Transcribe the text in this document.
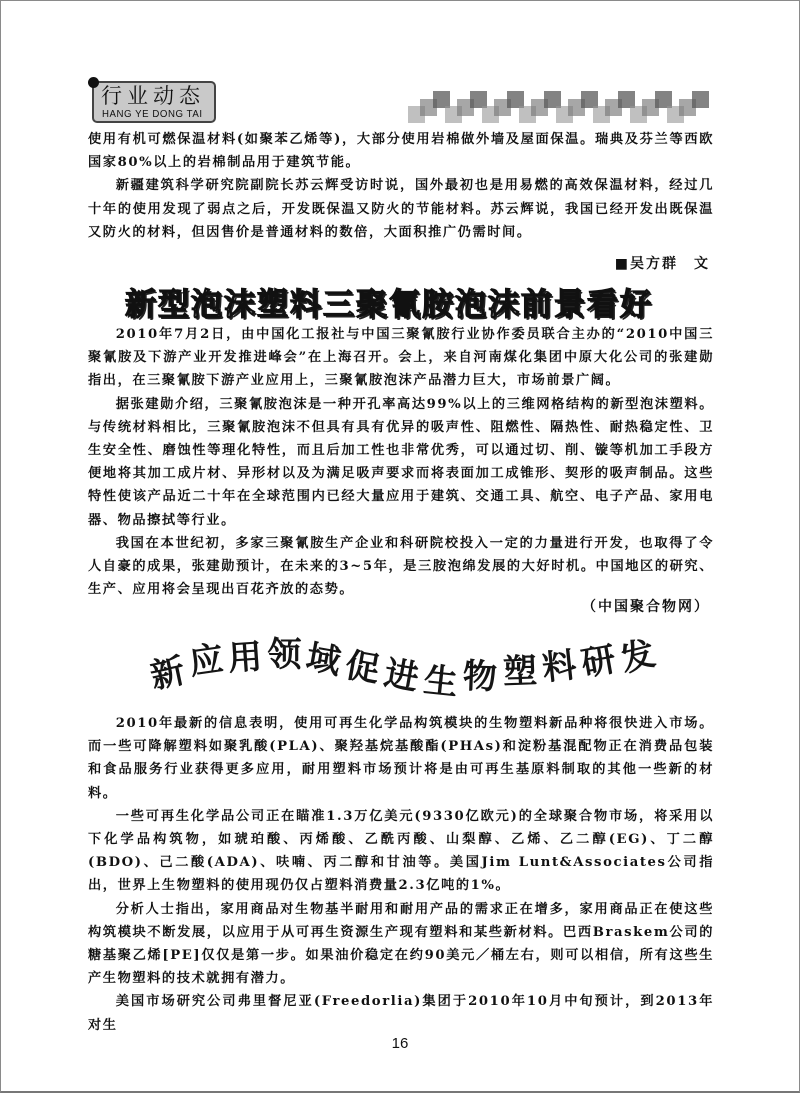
行业动态
HANG YE DONG TAI

使用有机可燃保温材料(如聚苯乙烯等)，大部分使用岩棉做外墙及屋面保温。瑞典及芬兰等西欧国家80%以上的岩棉制品用于建筑节能。

新疆建筑科学研究院副院长苏云辉受访时说，国外最初也是用易燃的高效保温材料，经过几十年的使用发现了弱点之后，开发既保温又防火的节能材料。苏云辉说，我国已经开发出既保温又防火的材料，但因售价是普通材料的数倍，大面积推广仍需时间。

■吴方群　文
新型泡沫塑料三聚氰胺泡沫前景看好

2010年7月2日，由中国化工报社与中国三聚氰胺行业协作委员联合主办的“2010中国三聚氰胺及下游产业开发推进峰会”在上海召开。会上，来自河南煤化集团中原大化公司的张建勋指出，在三聚氰胺下游产业应用上，三聚氰胺泡沫产品潜力巨大，市场前景广阔。

据张建勋介绍，三聚氰胺泡沫是一种开孔率高达99%以上的三维网格结构的新型泡沫塑料。与传统材料相比，三聚氰胺泡沫不但具有具有优异的吸声性、阻燃性、隔热性、耐热稳定性、卫生安全性、磨蚀性等理化特性，而且后加工性也非常优秀，可以通过切、削、镟等机加工手段方便地将其加工成片材、异形材以及为满足吸声要求而将表面加工成锥形、契形的吸声制品。这些特性使该产品近二十年在全球范围内已经大量应用于建筑、交通工具、航空、电子产品、家用电器、物品擦拭等行业。

我国在本世纪初，多家三聚氰胺生产企业和科研院校投入一定的力量进行开发，也取得了令人自豪的成果，张建勋预计，在未来的3~5年，是三胺泡绵发展的大好时机。中国地区的研究、生产、应用将会呈现出百花齐放的态势。

（中国聚合物网）
新
应 用 领 域
促
进 生 物 塑 料 研
发

2010年最新的信息表明，使用可再生化学品构筑模块的生物塑料新品种将很快进入市场。而一些可降解塑料如聚乳酸(PLA)、聚羟基烷基酸酯(PHAs)和淀粉基混配物正在消费品包装和食品服务行业获得更多应用，耐用塑料市场预计将是由可再生基原料制取的其他一些新的材料。

一些可再生化学品公司正在瞄准1.3万亿美元(9330亿欧元)的全球聚合物市场，将采用以下化学品构筑物，如琥珀酸、丙烯酸、乙酰丙酸、山梨醇、乙烯、乙二醇(EG)、丁二醇(BDO)、己二酸(ADA)、呋喃、丙二醇和甘油等。美国Jim Lunt&Associates公司指出，世界上生物塑料的使用现仍仅占塑料消费量2.3亿吨的1%。

分析人士指出，家用商品对生物基半耐用和耐用产品的需求正在增多，家用商品正在使这些构筑模块不断发展，以应用于从可再生资源生产现有塑料和某些新材料。巴西Braskem公司的糖基聚乙烯[PE]仅仅是第一步。如果油价稳定在约90美元／桶左右，则可以相信，所有这些生产生物塑料的技术就拥有潜力。

美国市场研究公司弗里督尼亚(Freedorlia)集团于2010年10月中旬预计，到2013年对生

16
